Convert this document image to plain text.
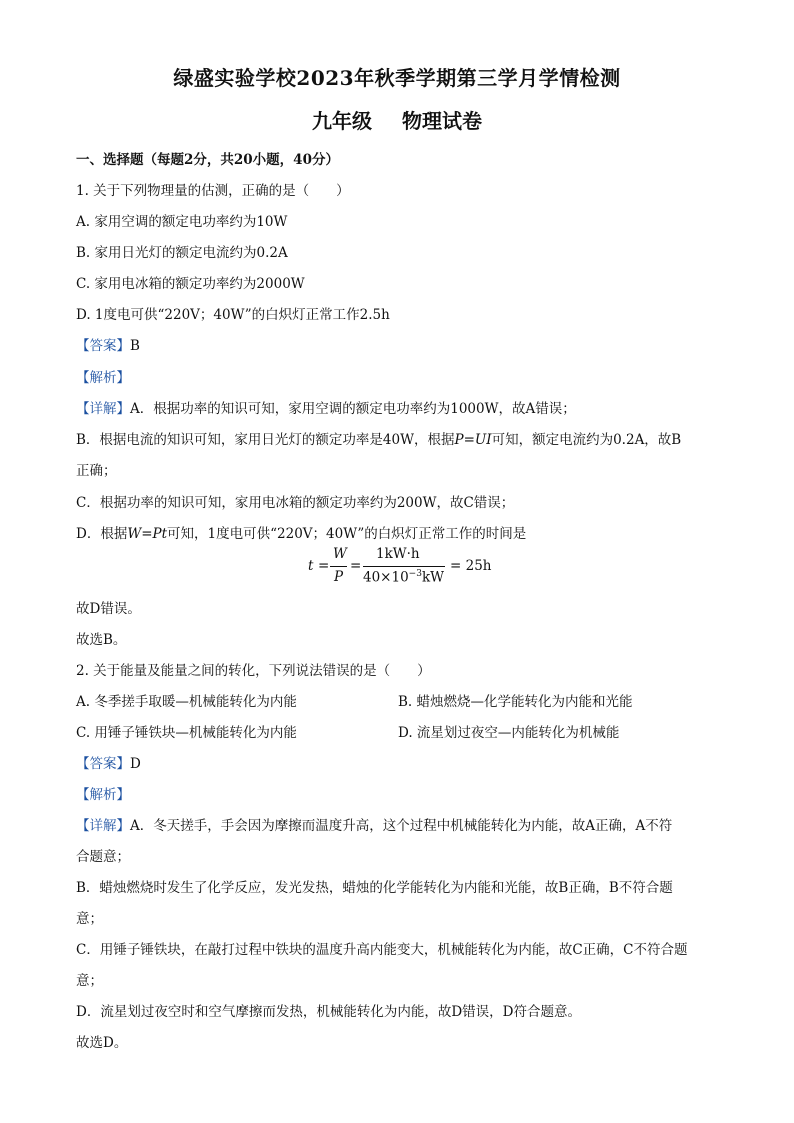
绿盛实验学校2023年秋季学期第三学月学情检测
九年级 物理试卷
一、选择题（每题2分，共20小题，40分）
1. 关于下列物理量的估测，正确的是（　　）
A. 家用空调的额定电功率约为10W
B. 家用日光灯的额定电流约为0.2A
C. 家用电冰箱的额定功率约为2000W
D. 1度电可供“220V；40W”的白炽灯正常工作2.5h
【答案】B
【解析】
【详解】A．根据功率的知识可知，家用空调的额定电功率约为1000W，故A错误；
B．根据电流的知识可知，家用日光灯的额定功率是40W，根据P=UI可知，额定电流约为0.2A，故B
正确；
C．根据功率的知识可知，家用电冰箱的额定功率约为200W，故C错误；
D．根据W=Pt可知，1度电可供“220V；40W”的白炽灯正常工作的时间是
t =
W
P
=
1kW·h
$40\times 10^{-3}kW$
= 25h
故D错误。
故选B。
2. 关于能量及能量之间的转化，下列说法错误的是（　　）
A. 冬季搓手取暖—机械能转化为内能	B. 蜡烛燃烧—化学能转化为内能和光能
C. 用锤子锤铁块—机械能转化为内能	D. 流星划过夜空—内能转化为机械能
【答案】D
【解析】
【详解】A．冬天搓手，手会因为摩擦而温度升高，这个过程中机械能转化为内能，故A正确，A不符
合题意；
B．蜡烛燃烧时发生了化学反应，发光发热，蜡烛的化学能转化为内能和光能，故B正确，B不符合题
意；
C．用锤子锤铁块，在敲打过程中铁块的温度升高内能变大，机械能转化为内能，故C正确，C不符合题
意；
D．流星划过夜空时和空气摩擦而发热，机械能转化为内能，故D错误，D符合题意。
故选D。
